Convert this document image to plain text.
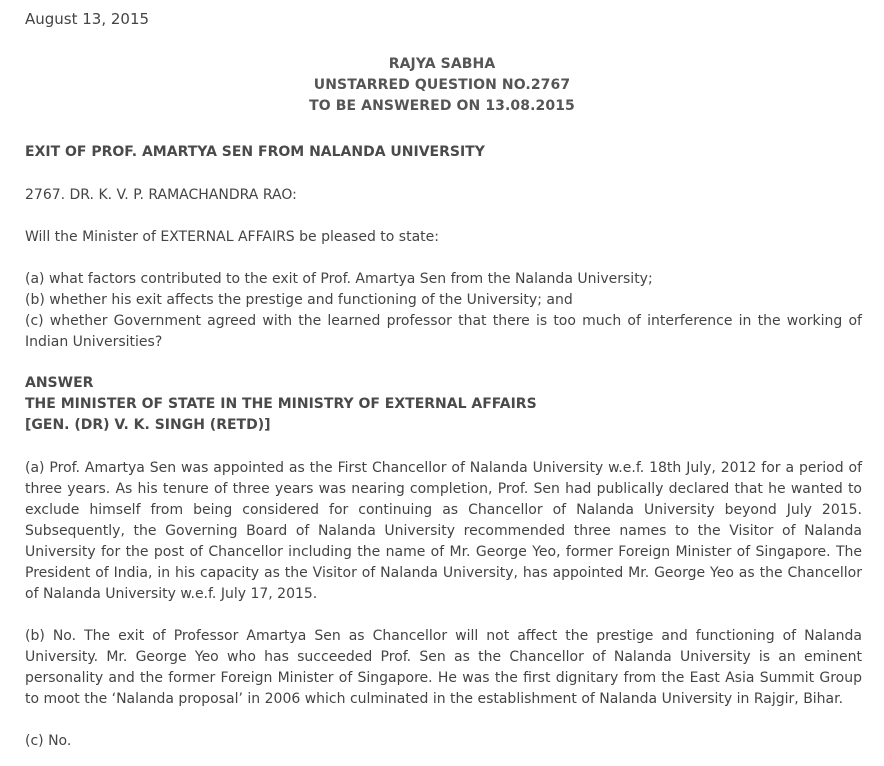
August 13, 2015
RAJYA SABHA
UNSTARRED QUESTION NO.2767
TO BE ANSWERED ON 13.08.2015
EXIT OF PROF. AMARTYA SEN FROM NALANDA UNIVERSITY
2767. DR. K. V. P. RAMACHANDRA RAO:
Will the Minister of EXTERNAL AFFAIRS be pleased to state:
(a) what factors contributed to the exit of Prof. Amartya Sen from the Nalanda University;
(b) whether his exit affects the prestige and functioning of the University; and
(c) whether Government agreed with the learned professor that there is too much of interference in the working of Indian Universities?
ANSWER
THE MINISTER OF STATE IN THE MINISTRY OF EXTERNAL AFFAIRS
[GEN. (DR) V. K. SINGH (RETD)]
(a) Prof. Amartya Sen was appointed as the First Chancellor of Nalanda University w.e.f. 18th July, 2012 for a period of three years. As his tenure of three years was nearing completion, Prof. Sen had publically declared that he wanted to exclude himself from being considered for continuing as Chancellor of Nalanda University beyond July 2015. Subsequently, the Governing Board of Nalanda University recommended three names to the Visitor of Nalanda University for the post of Chancellor including the name of Mr. George Yeo, former Foreign Minister of Singapore. The President of India, in his capacity as the Visitor of Nalanda University, has appointed Mr. George Yeo as the Chancellor of Nalanda University w.e.f. July 17, 2015.
(b) No. The exit of Professor Amartya Sen as Chancellor will not affect the prestige and functioning of Nalanda University. Mr. George Yeo who has succeeded Prof. Sen as the Chancellor of Nalanda University is an eminent personality and the former Foreign Minister of Singapore. He was the first dignitary from the East Asia Summit Group to moot the ‘Nalanda proposal’ in 2006 which culminated in the establishment of Nalanda University in Rajgir, Bihar.
(c) No.
